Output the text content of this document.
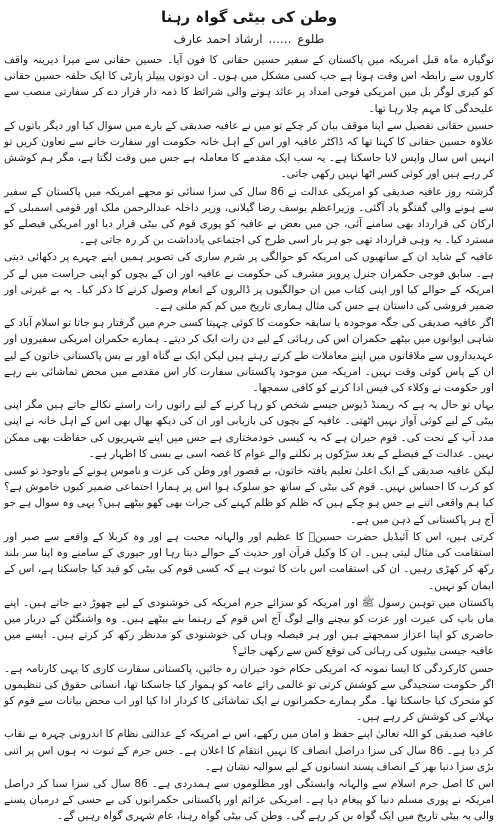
وطن کی بیٹی گواہ رہنا
طلوع......ارشاد احمد عارف

نوگیارہ ماہ قبل امریکہ میں پاکستان کے سفیر حسین حقانی کا فون آیا۔ حسین حقانی سے میرا دیرینہ واقف کاروں سے رابطہ اس وقت ہوتا ہے جب کسی مشکل میں ہوں۔ ان دونوں پیپلز پارٹی کا ایک حلقہ حسین حقانی کو کیری لوگر بل میں امریکی فوجی امداد پر عائد ہونے والی شرائط کا ذمہ دار قرار دے کر سفارتی منصب سے علیحدگی کا مہم چلا رہا تھا۔

حسین حقانی تفصیل سے اپنا موقف بیان کر چکے تو میں نے عافیہ صدیقی کے بارے میں سوال کیا اور دیگر باتوں کے علاوہ حسین حقانی کا کہنا تھا کہ ڈاکٹر عافیہ اور اس کے اہل خانہ حکومت اور سفارت خانے سے تعاون کریں تو انہیں اس سال واپس لایا جاسکتا ہے۔ یہ سب ایک مقدمے کا معاملہ ہے جس میں وقت لگتا ہے، مگر ہم کوشش کر رہے ہیں اور کوئی کسر اٹھا نہیں رکھی جاتی۔

گزشتہ روز عافیہ صدیقی کو امریکی عدالت نے 86 سال کی سزا سنائی تو مجھے امریکہ میں پاکستان کے سفیر سے ہونے والی گفتگو یاد آگئی۔ وزیراعظم یوسف رضا گیلانی، وزیر داخلہ عبدالرحمن ملک اور قومی اسمبلی کے ارکان کی قرارداد بھی سامنے آئی، جن میں بعض نے عافیہ کو پوری قوم کی بیٹی قرار دیا اور امریکی فیصلے کو مسترد کیا۔ یہ وہی قرارداد تھی جو ہر بار اسی طرح کی اجتماعی یادداشت بن کر رہ جاتی ہے۔

عافیہ کے شاید ان کے ساتھیوں کی امریکہ کو حوالگی پر شرم ساری کی تصویر ہمیں اپنے چہرے پر دکھائی دیتی ہے۔ سابق فوجی حکمران جنرل پرویز مشرف کی حکومت نے عافیہ اور ان کے بچوں کو اپنی حراست میں لے کر امریکہ کے حوالے کیا اور اپنی کتاب میں ان حوالگیوں پر ڈالروں کے انعام وصول کرنے کا ذکر کیا۔ یہ بے غیرتی اور ضمیر فروشی کی داستان ہے جس کی مثال ہماری تاریخ میں کم کم ملتی ہے۔

اگر عافیہ صدیقی کی جگہ موجودہ یا سابقہ حکومت کا کوئی چہیتا کسی جرم میں گرفتار ہو جاتا تو اسلام آباد کے شاہی ایوانوں میں بیٹھے حکمران اس کی رہائی کے لیے دن رات ایک کر دیتے۔ ہمارے حکمران امریکی سفیروں اور عہدیداروں سے ملاقاتوں میں اپنے معاملات طے کرتے رہتے ہیں لیکن ایک بے گناہ اور بے بس پاکستانی خاتون کے لیے ان کے پاس کوئی وقت نہیں۔ امریکہ میں موجود پاکستانی سفارت کار اس مقدمے میں محض تماشائی بنے رہے اور حکومت نے وکلاء کی فیس ادا کرنے کو کافی سمجھا۔

یہاں تو حال یہ ہے کہ ریمنڈ ڈیوس جیسے شخص کو رہا کرنے کے لیے راتوں رات راستے نکالے جاتے ہیں مگر اپنی بیٹی کے لیے کوئی آواز نہیں اٹھتی۔ عافیہ کے بچوں کی بازیابی اور ان کی دیکھ بھال بھی اس کے اہل خانہ نے اپنی مدد آپ کے تحت کی۔ قوم حیران ہے کہ یہ کیسی خودمختاری ہے جس میں اپنے شہریوں کی حفاظت بھی ممکن نہیں۔ عدالت کے فیصلے کے بعد سڑکوں پر نکلنے والے عوام کا غصہ اسی بے بسی کا اظہار ہے۔

لیکن عافیہ صدیقی کے ایک اعلیٰ تعلیم یافتہ خاتون، بے قصور اور وطن کی عزت و ناموس ہونے کے باوجود تو کسی کو کرب کا احساس نہیں۔ قوم کی بیٹی کے ساتھ جو سلوک ہوا اس پر ہمارا اجتماعی ضمیر کیوں خاموش ہے؟ کیا ہم واقعی اتنے بے حس ہو چکے ہیں کہ ظلم کو ظلم کہنے کی جرات بھی کھو بیٹھے ہیں؟ یہی وہ سوال ہے جو آج ہر پاکستانی کے ذہن میں ہے۔

کرتی ہیں، اس کا آئیڈیل حضرت حسینؓ کا عظیم اور والہانہ محبت ہے اور وہ کربلا کے واقعے سے صبر اور استقامت کی مثال لیتی ہیں۔ ان کا وکیل قرآن اور حدیث کے حوالے دیتا رہا اور جیوری کے سامنے وہ اپنا سر بلند رکھ کر کھڑی رہیں۔ ان کی استقامت اس بات کا ثبوت ہے کہ کسی قوم کی بیٹی کو قید کیا جاسکتا ہے، اس کے ایمان کو نہیں۔

پاکستان میں توہین رسول ﷺ اور امریکہ کو سزائے جرم امریکہ کی خوشنودی کے لیے چھوڑ دیے جاتے ہیں۔ اپنے ماں باپ کی عیرت اور عزت کو بیچنے والے لوگ آج اس قوم کے رہنما بنے بیٹھے ہیں۔ وہ واشنگٹن کے دربار میں حاضری کو اپنا اعزاز سمجھتے ہیں اور ہر فیصلہ وہاں کی خوشنودی کو مدنظر رکھ کر کرتے ہیں۔ ایسے میں عافیہ جیسی بیٹیوں کی رہائی کی توقع کس سے رکھی جائے؟

حسن کارکردگی کا ایسا نمونہ کہ امریکی حکام خود حیران رہ جائیں، پاکستانی سفارت کاری کا یہی کارنامہ ہے۔ اگر حکومت سنجیدگی سے کوشش کرتی تو عالمی رائے عامہ کو ہموار کیا جاسکتا تھا، انسانی حقوق کی تنظیموں کو متحرک کیا جاسکتا تھا۔ مگر ہمارے حکمرانوں نے ایک تماشائی کا کردار ادا کیا اور اب محض بیانات سے قوم کو بہلانے کی کوشش کر رہے ہیں۔

عافیہ صدیقی کو اللہ تعالیٰ اپنے حفظ و امان میں رکھے، اس نے امریکہ کے عدالتی نظام کا اندرونی چہرہ بے نقاب کر دیا ہے۔ 86 سال کی سزا دراصل انصاف کا نہیں انتقام کا اعلان ہے۔ جس جرم کے ثبوت نہ ہوں اس پر اتنی بڑی سزا دنیا بھر کے انصاف پسند انسانوں کے لیے سوالیہ نشان ہے۔

اس کا اصل جرم اسلام سے والہانہ وابستگی اور مظلوموں سے ہمدردی ہے۔ 86 سال کی سزا سنا کر دراصل امریکہ نے پوری مسلم دنیا کو پیغام دیا ہے۔ امریکی عزائم اور پاکستانی حکمرانوں کی بے حسی کے درمیان پسنے والی یہ بیٹی تاریخ میں ایک گواہ بن کر رہے گی۔ وطن کی بیٹی گواہ رہنا، عام شہری گواہ رہیں گے۔
